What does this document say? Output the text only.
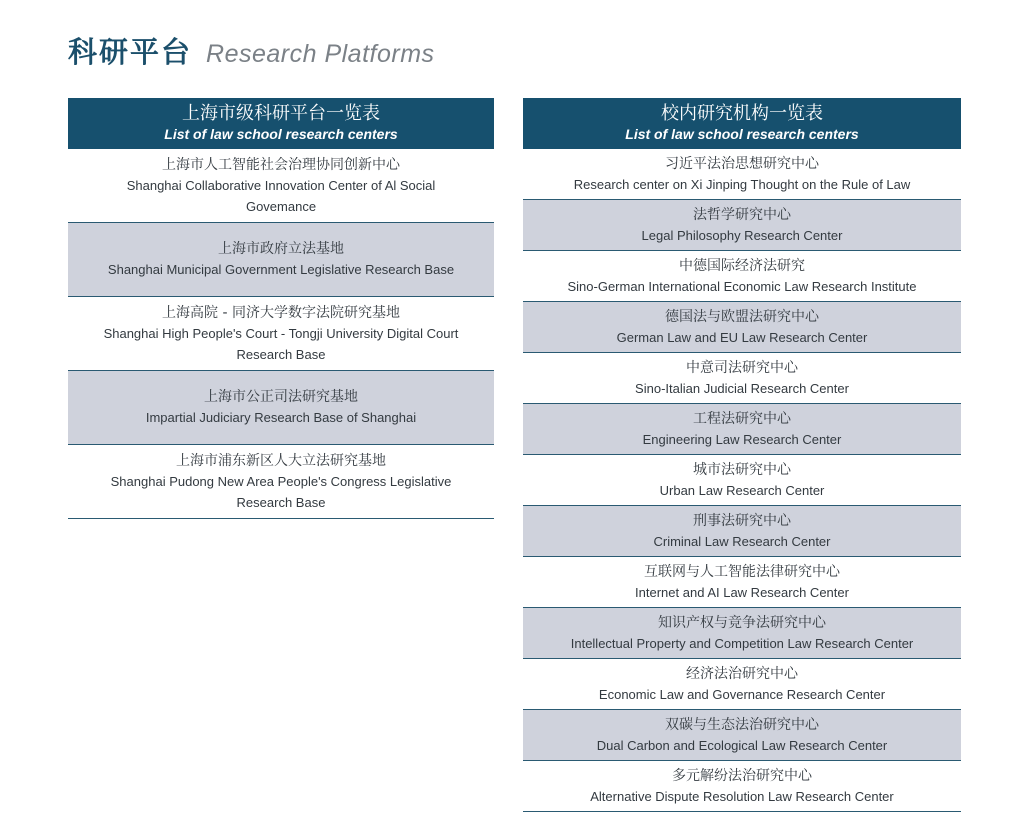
科研平台 Research Platforms
上海市级科研平台一览表
List of law school research centers
上海市人工智能社会治理协同创新中心
Shanghai Collaborative Innovation Center of Al Social Govemance
上海市政府立法基地
Shanghai Municipal Government Legislative Research Base
上海高院 - 同济大学数字法院研究基地
Shanghai High People's Court - Tongji University Digital Court Research Base
上海市公正司法研究基地
Impartial Judiciary Research Base of Shanghai
上海市浦东新区人大立法研究基地
Shanghai Pudong New Area People's Congress Legislative Research Base
校内研究机构一览表
List of law school research centers
习近平法治思想研究中心
Research center on Xi Jinping Thought on the Rule of Law
法哲学研究中心
Legal Philosophy Research Center
中德国际经济法研究
Sino-German International Economic Law Research Institute
德国法与欧盟法研究中心
German Law and EU Law Research Center
中意司法研究中心
Sino-Italian Judicial Research Center
工程法研究中心
Engineering Law Research Center
城市法研究中心
Urban Law Research Center
刑事法研究中心
Criminal Law Research Center
互联网与人工智能法律研究中心
Internet and AI Law Research Center
知识产权与竞争法研究中心
Intellectual Property and Competition Law Research Center
经济法治研究中心
Economic Law and Governance Research Center
双碳与生态法治研究中心
Dual Carbon and Ecological Law Research Center
多元解纷法治研究中心
Alternative Dispute Resolution Law Research Center
